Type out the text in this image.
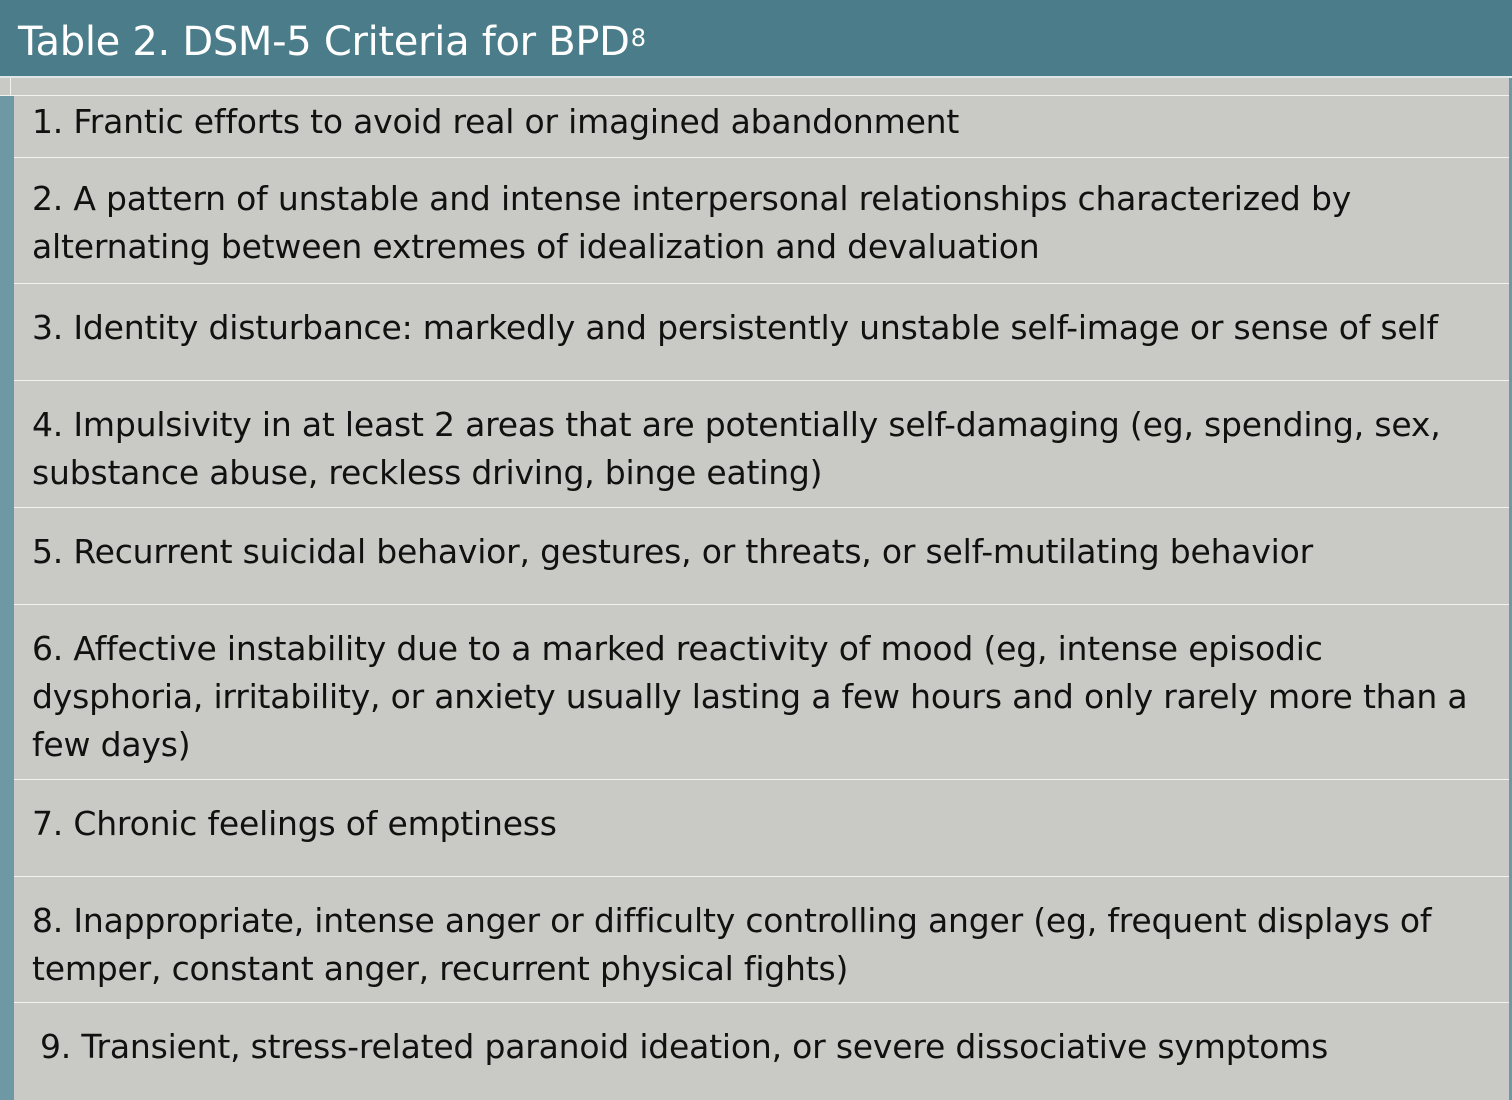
Table 2. DSM-5 Criteria for BPD$^8$
1. Frantic efforts to avoid real or imagined abandonment
2. A pattern of unstable and intense interpersonal relationships characterized by alternating between extremes of idealization and devaluation
3. Identity disturbance: markedly and persistently unstable self-image or sense of self
4. Impulsivity in at least 2 areas that are potentially self-damaging (eg, spending, sex, substance abuse, reckless driving, binge eating)
5. Recurrent suicidal behavior, gestures, or threats, or self-mutilating behavior
6. Affective instability due to a marked reactivity of mood (eg, intense episodic dysphoria, irritability, or anxiety usually lasting a few hours and only rarely more than a few days)
7. Chronic feelings of emptiness
8. Inappropriate, intense anger or difficulty controlling anger (eg, frequent displays of temper, constant anger, recurrent physical fights)
9. Transient, stress-related paranoid ideation, or severe dissociative symptoms
